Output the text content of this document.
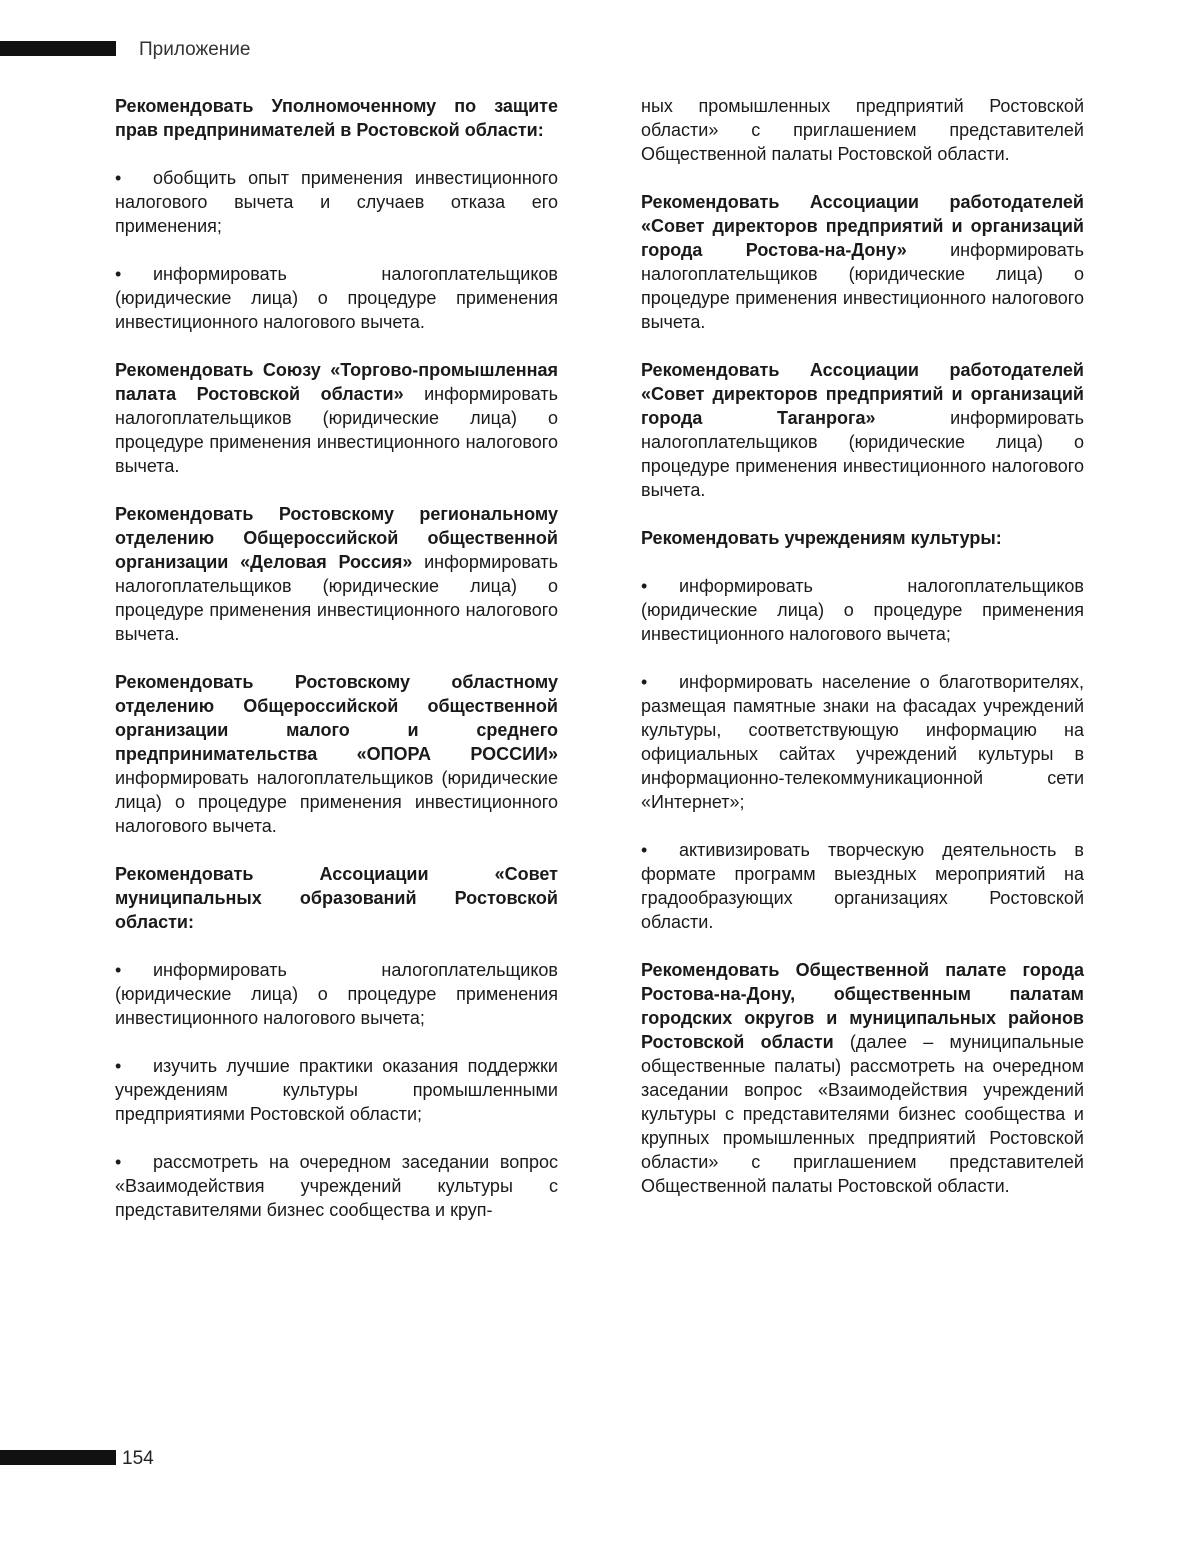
Приложение

Рекомендовать Уполномоченному по защите прав предпринимателей в Ростовской области:

• обобщить опыт применения инвестиционного налогового вычета и случаев отказа его применения;

• информировать налогоплательщиков (юридические лица) о процедуре применения инвестиционного налогового вычета.

Рекомендовать Союзу «Торгово-промышленная палата Ростовской области» информировать налогоплательщиков (юридические лица) о процедуре применения инвестиционного налогового вычета.

Рекомендовать Ростовскому региональному отделению Общероссийской общественной организации «Деловая Россия» информировать налогоплательщиков (юридические лица) о процедуре применения инвестиционного налогового вычета.

Рекомендовать Ростовскому областному отделению Общероссийской общественной организации малого и среднего предпринимательства «ОПОРА РОССИИ» информировать налогоплательщиков (юридические лица) о процедуре применения инвестиционного налогового вычета.

Рекомендовать Ассоциации «Совет муниципальных образований Ростовской области:

• информировать налогоплательщиков (юридические лица) о процедуре применения инвестиционного налогового вычета;

• изучить лучшие практики оказания поддержки учреждениям культуры промышленными предприятиями Ростовской области;

• рассмотреть на очередном заседании вопрос «Взаимодействия учреждений культуры с представителями бизнес сообщества и круп-

ных промышленных предприятий Ростовской области» с приглашением представителей Общественной палаты Ростовской области.

Рекомендовать Ассоциации работодателей «Совет директоров предприятий и организаций города Ростова-на-Дону» информировать налогоплательщиков (юридические лица) о процедуре применения инвестиционного налогового вычета.

Рекомендовать Ассоциации работодателей «Совет директоров предприятий и организаций города Таганрога» информировать налогоплательщиков (юридические лица) о процедуре применения инвестиционного налогового вычета.

Рекомендовать учреждениям культуры:

• информировать налогоплательщиков (юридические лица) о процедуре применения инвестиционного налогового вычета;

• информировать население о благотворителях, размещая памятные знаки на фасадах учреждений культуры, соответствующую информацию на официальных сайтах учреждений культуры в информационно-телекоммуникационной сети «Интернет»;

• активизировать творческую деятельность в формате программ выездных мероприятий на градообразующих организациях Ростовской области.

Рекомендовать Общественной палате города Ростова-на-Дону, общественным палатам городских округов и муниципальных районов Ростовской области (далее – муниципальные общественные палаты) рассмотреть на очередном заседании вопрос «Взаимодействия учреждений культуры с представителями бизнес сообщества и крупных промышленных предприятий Ростовской области» с приглашением представителей Общественной палаты Ростовской области.

154
